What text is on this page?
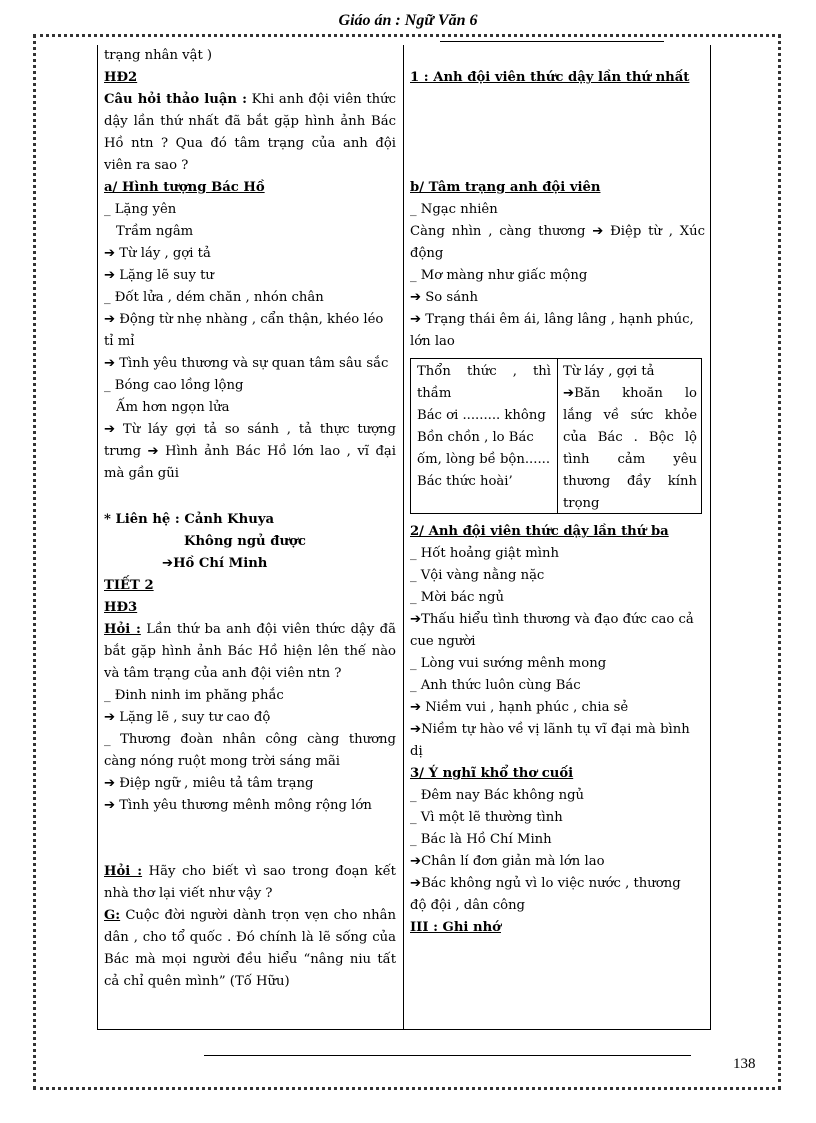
Giáo án : Ngữ Văn 6
trạng nhân vật )
HĐ2
Câu hỏi thảo luận : Khi anh đội viên thức
dậy lần thứ nhất đã bắt gặp hình ảnh Bác
Hồ ntn ? Qua đó tâm trạng của anh đội
viên ra sao ?
a/ Hình tượng Bác Hồ
_ Lặng yên
Trầm ngâm
➔ Từ láy , gợi tả
➔ Lặng lẽ suy tư
_ Đốt lửa , dém chăn , nhón chân
➔ Động từ nhẹ nhàng , cẩn thận, khéo léo
tỉ mỉ
➔ Tình yêu thương và sự quan tâm sâu sắc
_ Bóng cao lồng lộng
Ấm hơn ngọn lửa
➔ Từ láy gợi tả so sánh , tả thực tượng
trưng ➔ Hình ảnh Bác Hồ lớn lao , vĩ đại
mà gần gũi
* Liên hệ : Cảnh Khuya
Không ngủ được
➔Hồ Chí Minh
TIẾT 2
HĐ3
Hỏi : Lần thứ ba anh đội viên thức dậy đã
bắt gặp hình ảnh Bác Hồ hiện lên thế nào
và tâm trạng của anh đội viên ntn ?
_ Đinh ninh im phăng phắc
➔ Lặng lẽ , suy tư cao độ
_ Thương đoàn nhân công càng thương
càng nóng ruột mong trời sáng mãi
➔ Điệp ngữ , miêu tả tâm trạng
➔ Tình yêu thương mênh mông rộng lớn
Hỏi : Hãy cho biết vì sao trong đoạn kết
nhà thơ lại viết như vậy ?
G: Cuộc đời người dành trọn vẹn cho nhân
dân , cho tổ quốc . Đó chính là lẽ sống của
Bác mà mọi người đều hiểu “nâng niu tất
cả chỉ quên mình” (Tố Hữu)
1 : Anh đội viên thức dậy lần thứ nhất
b/ Tâm trạng anh đội viên
_ Ngạc nhiên
Càng nhìn , càng thương ➔ Điệp từ , Xúc
động
_ Mơ màng như giấc mộng
➔ So sánh
➔ Trạng thái êm ái, lâng lâng , hạnh phúc,
lớn lao
2/ Anh đội viên thức dậy lần thứ ba
_ Hốt hoảng giật mình
_ Vội vàng nằng nặc
_ Mời bác ngủ
➔Thấu hiểu tình thương và đạo đức cao cả
cue người
_ Lòng vui sướng mênh mong
_ Anh thức luôn cùng Bác
➔ Niềm vui , hạnh phúc , chia sẻ
➔Niềm tự hào về vị lãnh tụ vĩ đại mà bình
dị
3/ Ý nghĩ khổ thơ cuối
_ Đêm nay Bác không ngủ
_ Vì một lẽ thường tình
_ Bác là Hồ Chí Minh
➔Chân lí đơn giản mà lớn lao
➔Bác không ngủ vì lo việc nước , thương
độ đội , dân công
III : Ghi nhớ
Thổn thức , thì
thầm
Bác ơi ......... không
Bồn chồn , lo Bác
ốm, lòng bề bộn......
Bác thức hoài’
Từ láy , gợi tả
➔Băn khoăn lo
lắng về sức khỏe
của Bác . Bộc lộ
tình cảm yêu
thương đầy kính
trọng
138
